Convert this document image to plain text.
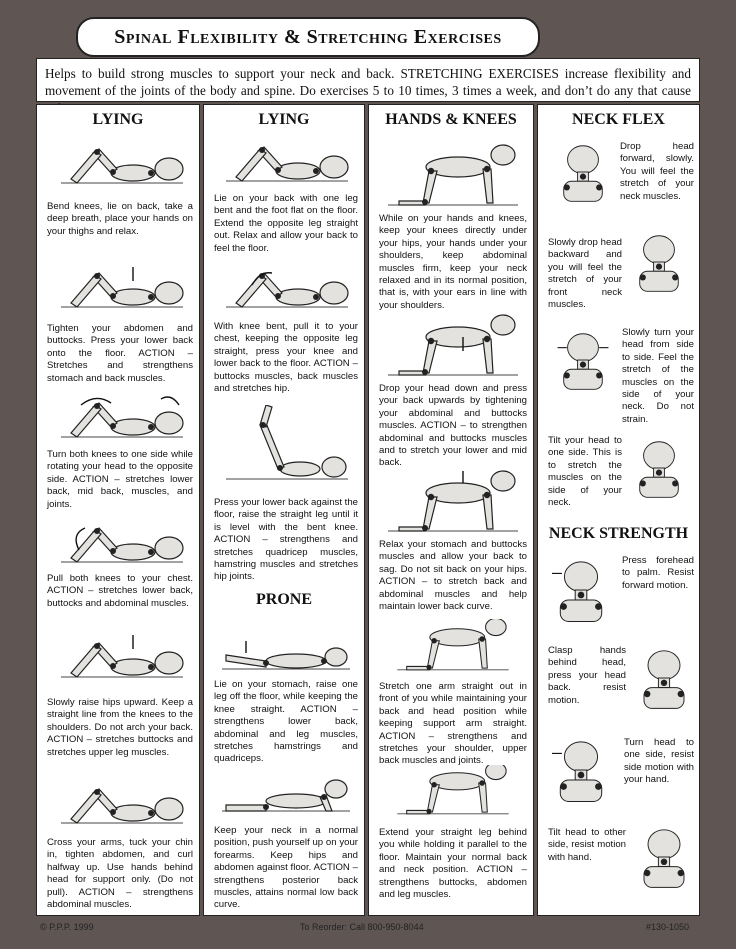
Spinal Flexibility & Stretching Exercises
Helps to build strong muscles to support your neck and back. STRETCHING EXERCISES increase flexibility and movement of the joints of the body and spine. Do exercises 5 to 10 times, 3 times a week, and don’t do any that cause
LYING
Bend knees, lie on back, take a deep breath, place your hands on your thighs and relax.
Tighten your abdomen and buttocks. Press your lower back onto the floor. ACTION – Stretches and strengthens stomach and back muscles.
Turn both knees to one side while rotating your head to the opposite side. ACTION – stretches lower back, mid back, muscles, and joints.
Pull both knees to your chest. ACTION – stretches lower back, buttocks and abdominal muscles.
Slowly raise hips upward. Keep a straight line from the knees to the shoulders. Do not arch your back. ACTION – stretches buttocks and stretches upper leg muscles.
Cross your arms, tuck your chin in, tighten abdomen, and curl halfway up. Use hands behind head for support only. (Do not pull). ACTION – strengthens abdominal muscles.
LYING
Lie on your back with one leg bent and the foot flat on the floor. Extend the opposite leg straight out. Relax and allow your back to feel the floor.
With knee bent, pull it to your chest, keeping the opposite leg straight, press your knee and lower back to the floor. ACTION – buttocks muscles, back muscles and stretches hip.
Press your lower back against the floor, raise the straight leg until it is level with the bent knee. ACTION – strengthens and stretches quadricep muscles, hamstring muscles and stretches hip joints.
PRONE
Lie on your stomach, raise one leg off the floor, while keeping the knee straight. ACTION – strengthens lower back, abdominal and leg muscles, stretches hamstrings and quadriceps.
Keep your neck in a normal position, push yourself up on your forearms. Keep hips and abdomen against floor. ACTION – strengthens posterior back muscles, attains normal low back curve.
HANDS & KNEES
While on your hands and knees, keep your knees directly under your hips, your hands under your shoulders, keep abdominal muscles firm, keep your neck relaxed and in its normal position, that is, with your ears in line with your shoulders.
Drop your head down and press your back upwards by tightening your abdominal and buttocks muscles. ACTION – to strengthen abdominal and buttocks muscles and to stretch your lower and mid back.
Relax your stomach and buttocks muscles and allow your back to sag. Do not sit back on your hips. ACTION – to stretch back and abdominal muscles and help maintain lower back curve.
Stretch one arm straight out in front of you while maintaining your back and head position while keeping support arm straight. ACTION – strengthens and stretches your shoulder, upper back muscles and joints.
Extend your straight leg behind you while holding it parallel to the floor. Maintain your normal back and neck position. ACTION – strengthens buttocks, abdomen and leg muscles.
NECK FLEX
Drop head forward, slowly. You will feel the stretch of your neck muscles.
Slowly drop head backward and you will feel the stretch of your front neck muscles.
Slowly turn your head from side to side. Feel the stretch of the muscles on the side of your neck. Do not strain.
Tilt your head to one side. This is to stretch the muscles on the side of your neck.
NECK STRENGTH
Press forehead to palm. Resist forward motion.
Clasp hands behind head, press your head back. resist motion.
Turn head to one side, resist side motion with your hand.
Tilt head to other side, resist motion with hand.
© P.P.P. 1999	To Reorder: Call 800-950-8044	#130-1050
